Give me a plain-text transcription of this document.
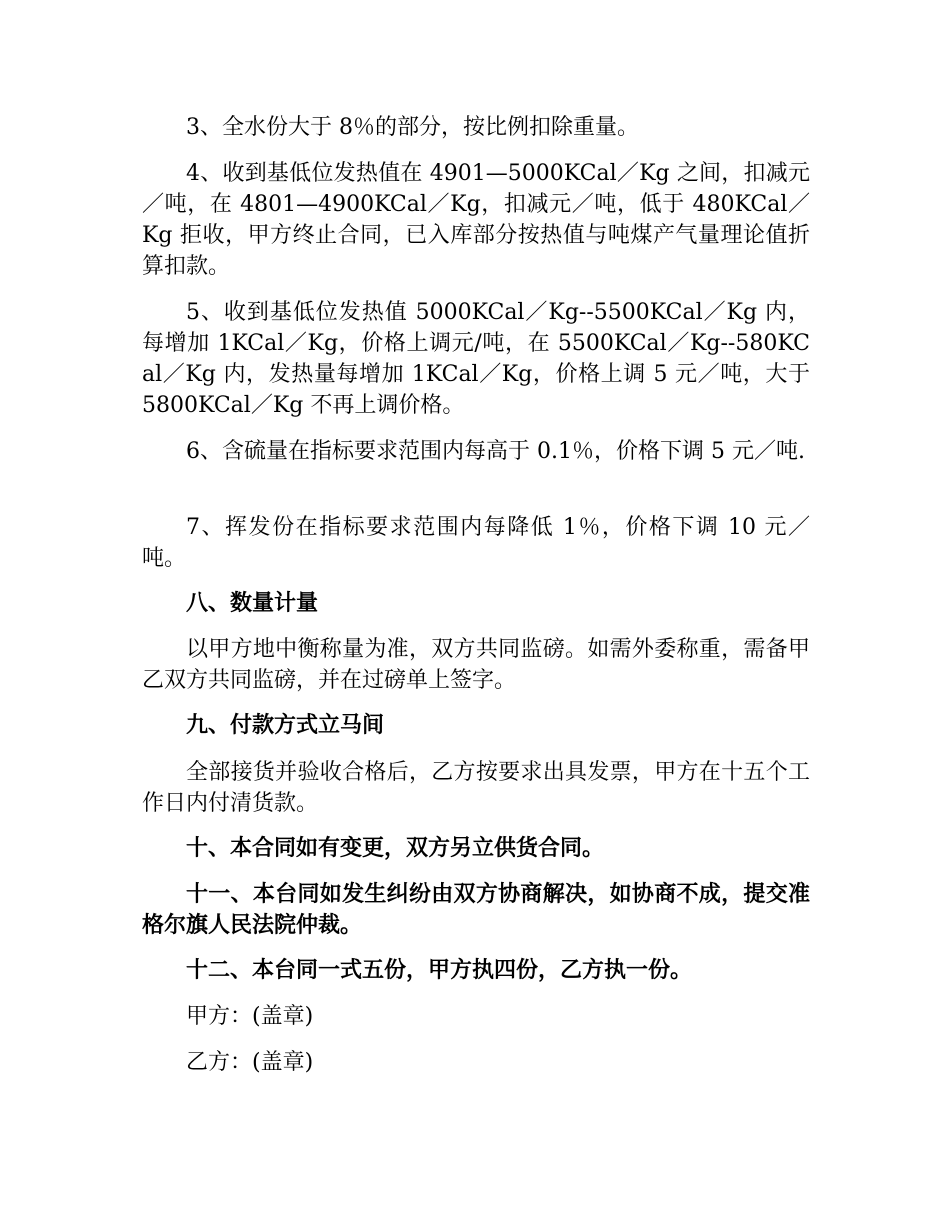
3、全水份大于 8％的部分，按比例扣除重量。

4、收到基低位发热值在 4901—5000KCal／Kg 之间，扣减元／吨，在 4801—4900KCal／Kg，扣减元／吨，低于 480KCal／Kg 拒收，甲方终止合同，已入库部分按热值与吨煤产气量理论值折算扣款。

5、收到基低位发热值 5000KCal／Kg--5500KCal／Kg 内，每增加 1KCal／Kg，价格上调元/吨，在 5500KCal／Kg--580KCal／Kg 内，发热量每增加 1KCal／Kg，价格上调 5 元／吨，大于 5800KCal／Kg 不再上调价格。

6、含硫量在指标要求范围内每高于 0.1％，价格下调 5 元／吨.

7、挥发份在指标要求范围内每降低 1％，价格下调 10 元／吨。

八、数量计量

以甲方地中衡称量为准，双方共同监磅。如需外委称重，需备甲乙双方共同监磅，并在过磅单上签字。

九、付款方式立马间

全部接货并验收合格后，乙方按要求出具发票，甲方在十五个工作日内付清货款。

十、本合同如有变更，双方另立供货合同。

十一、本台同如发生纠纷由双方协商解决，如协商不成，提交准格尔旗人民法院仲裁。

十二、本台同一式五份，甲方执四份，乙方执一份。

甲方：(盖章)

乙方：(盖章)
